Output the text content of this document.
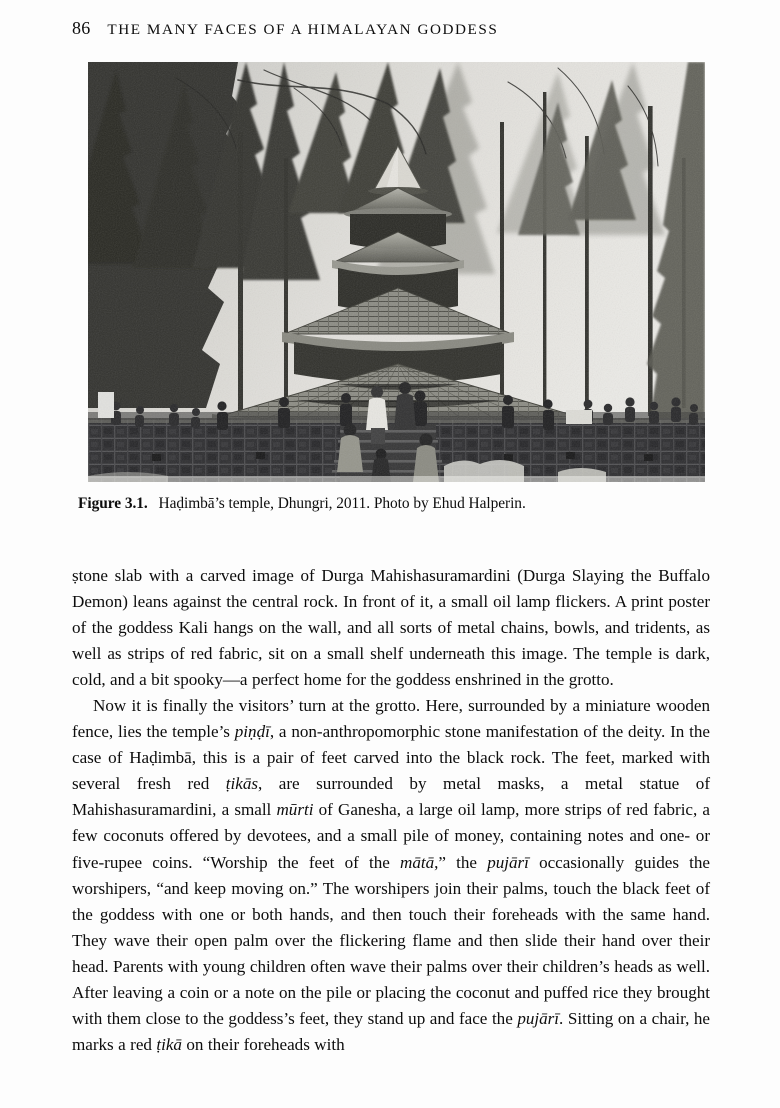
86 THE MANY FACES OF A HIMALAYAN GODDESS
Figure 3.1. Haḍimbā’s temple, Dhungri, 2011. Photo by Ehud Halperin.

ṣtone slab with a carved image of Durga Mahishasuramardini (Durga Slaying the Buffalo Demon) leans against the central rock. In front of it, a small oil lamp flickers. A print poster of the goddess Kali hangs on the wall, and all sorts of metal chains, bowls, and tridents, as well as strips of red fabric, sit on a small shelf underneath this image. The temple is dark, cold, and a bit spooky—a perfect home for the goddess enshrined in the grotto.

Now it is finally the visitors’ turn at the grotto. Here, surrounded by a miniature wooden fence, lies the temple’s piṇḍī, a non-anthropomorphic stone manifestation of the deity. In the case of Haḍimbā, this is a pair of feet carved into the black rock. The feet, marked with several fresh red ṭikās, are surrounded by metal masks, a metal statue of Mahishasuramardini, a small mūrti of Ganesha, a large oil lamp, more strips of red fabric, a few coconuts offered by devotees, and a small pile of money, containing notes and one- or five-rupee coins. “Worship the feet of the mātā,” the pujārī occasionally guides the worshipers, “and keep moving on.” The worshipers join their palms, touch the black feet of the goddess with one or both hands, and then touch their foreheads with the same hand. They wave their open palm over the flickering flame and then slide their hand over their head. Parents with young children often wave their palms over their children’s heads as well. After leaving a coin or a note on the pile or placing the coconut and puffed rice they brought with them close to the goddess’s feet, they stand up and face the pujārī. Sitting on a chair, he marks a red ṭikā on their foreheads with
